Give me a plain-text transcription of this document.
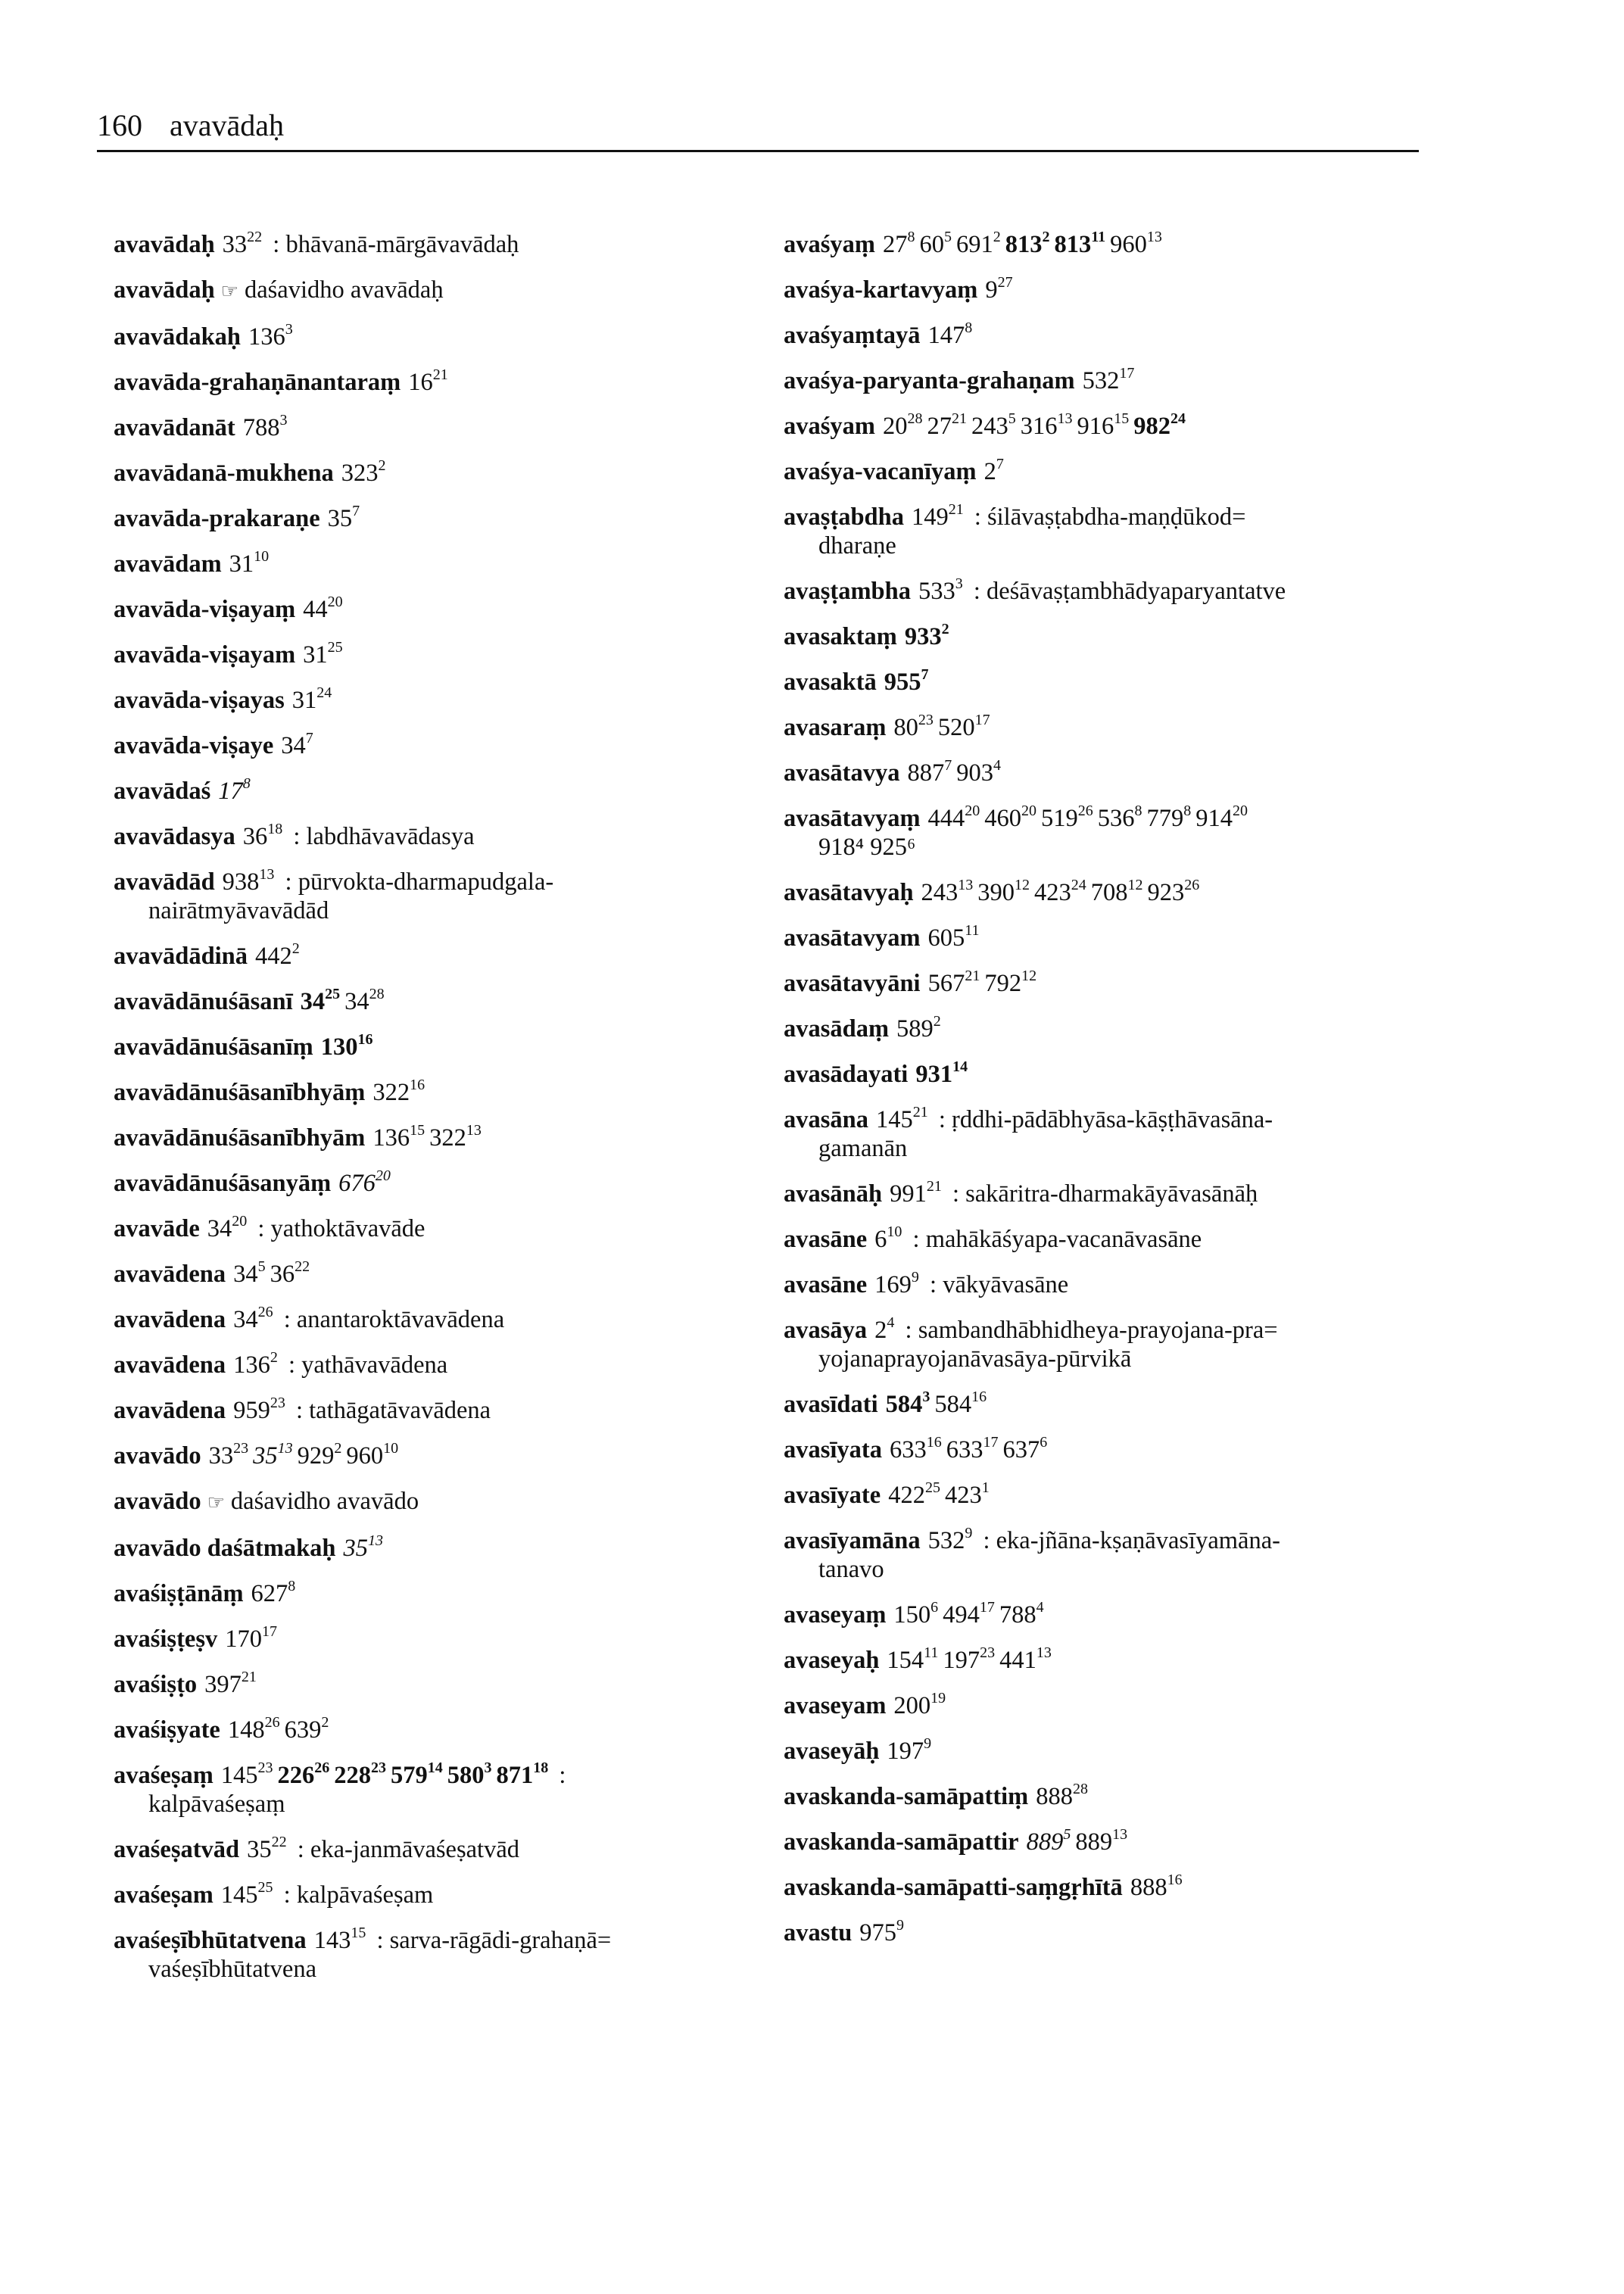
160 avavādaḥ
avavādaḥ $33^{22}$ : bhāvanā-mārgāvavādaḥ
avavādaḥ ☞ daśavidho avavādaḥ
avavādakaḥ $136^3$
avavāda-grahaṇānantaraṃ $16^{21}$
avavādanāt $788^3$
avavādanā-mukhena $323^2$
avavāda-prakaraṇe $35^7$
avavādam $31^{10}$
avavāda-viṣayaṃ $44^{20}$
avavāda-viṣayam $31^{25}$
avavāda-viṣayas $31^{24}$
avavāda-viṣaye $34^7$
avavādaś $17^8$
avavādasya $36^{18}$ : labdhāvavādasya
avavādād $938^{13}$ : pūrvokta-dharmapudgala-
nairātmyāvavādād
avavādādinā $442^2$
avavādānuśāsanī $34^{25}$ $34^{28}$
avavādānuśāsanīṃ $130^{16}$
avavādānuśāsanībhyāṃ $322^{16}$
avavādānuśāsanībhyām $136^{15}$ $322^{13}$
avavādānuśāsanyāṃ $676^{20}$
avavāde $34^{20}$ : yathoktāvavāde
avavādena $34^5$ $36^{22}$
avavādena $34^{26}$ : anantaroktāvavādena
avavādena $136^2$ : yathāvavādena
avavādena $959^{23}$ : tathāgatāvavādena
avavādo $33^{23}$ $35^{13}$ $929^2$ $960^{10}$
avavādo ☞ daśavidho avavādo
avavādo daśātmakaḥ $35^{13}$
avaśiṣṭānāṃ $627^8$
avaśiṣṭeṣv $170^{17}$
avaśiṣṭo $397^{21}$
avaśiṣyate $148^{26}$ $639^2$
avaśeṣaṃ $145^{23}$ $226^{26}$ $228^{23}$ $579^{14}$ $580^3$ $871^{18}$ :
kalpāvaśeṣaṃ
avaśeṣatvād $35^{22}$ : eka-janmāvaśeṣatvād
avaśeṣam $145^{25}$ : kalpāvaśeṣam
avaśeṣībhūtatvena $143^{15}$ : sarva-rāgādi-grahaṇā=
vaśeṣībhūtatvena
avaśyaṃ $27^8$ $60^5$ $691^2$ $813^2$ $813^{11}$ $960^{13}$
avaśya-kartavyaṃ $9^{27}$
avaśyaṃtayā $147^8$
avaśya-paryanta-grahaṇam $532^{17}$
avaśyam $20^{28}$ $27^{21}$ $243^5$ $316^{13}$ $916^{15}$ $982^{24}$
avaśya-vacanīyaṃ $2^7$
avaṣṭabdha $149^{21}$ : śilāvaṣṭabdha-maṇḍūkod=
dharaṇe
avaṣṭambha $533^3$ : deśāvaṣṭambhādyaparyantatve
avasaktaṃ $933^2$
avasaktā $955^7$
avasaraṃ $80^{23}$ $520^{17}$
avasātavya $887^7$ $903^4$
avasātavyaṃ $444^{20}$ $460^{20}$ $519^{26}$ $536^8$ $779^8$ $914^{20}$
918⁴ 925⁶
avasātavyaḥ $243^{13}$ $390^{12}$ $423^{24}$ $708^{12}$ $923^{26}$
avasātavyam $605^{11}$
avasātavyāni $567^{21}$ $792^{12}$
avasādaṃ $589^2$
avasādayati $931^{14}$
avasāna $145^{21}$ : ṛddhi-pādābhyāsa-kāṣṭhāvasāna-
gamanān
avasānāḥ $991^{21}$ : sakāritra-dharmakāyāvasānāḥ
avasāne $6^{10}$ : mahākāśyapa-vacanāvasāne
avasāne $169^9$ : vākyāvasāne
avasāya $2^4$ : sambandhābhidheya-prayojana-pra=
yojanaprayojanāvasāya-pūrvikā
avasīdati $584^3$ $584^{16}$
avasīyata $633^{16}$ $633^{17}$ $637^6$
avasīyate $422^{25}$ $423^1$
avasīyamāna $532^9$ : eka-jñāna-kṣaṇāvasīyamāna-
tanavo
avaseyaṃ $150^6$ $494^{17}$ $788^4$
avaseyaḥ $154^{11}$ $197^{23}$ $441^{13}$
avaseyam $200^{19}$
avaseyāḥ $197^9$
avaskanda-samāpattiṃ $888^{28}$
avaskanda-samāpattir $889^5$ $889^{13}$
avaskanda-samāpatti-saṃgṛhītā $888^{16}$
avastu $975^9$
